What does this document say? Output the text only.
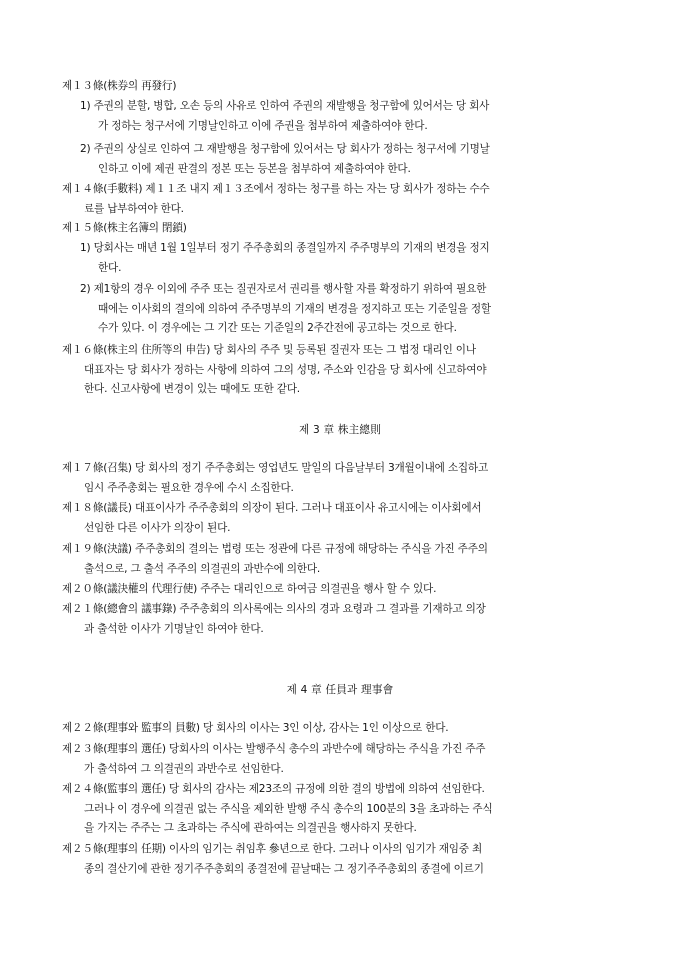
제１３條(株券의 再發行)
1) 주권의 분할, 병합, 오손 등의 사유로 인하여 주권의 재발행을 청구함에 있어서는 당 회사
가 정하는 청구서에 기명날인하고 이에 주권을 첨부하여 제출하여야 한다.
2) 주권의 상실로 인하여 그 재발행을 청구함에 있어서는 당 회사가 정하는 청구서에 기명날
인하고 이에 제권 판결의 정본 또는 등본을 첨부하여 제출하여야 한다.
제１４條(手數料) 제１１조 내지 제１３조에서 정하는 청구를 하는 자는 당 회사가 정하는 수수
료를 납부하여야 한다.
제１５條(株主名簿의 閉鎖)
1) 당회사는 매년 1월 1일부터 정기 주주총회의 종결일까지 주주명부의 기재의 변경을 정지
한다.
2) 제1항의 경우 이외에 주주 또는 질권자로서 권리를 행사할 자를 확정하기 위하여 필요한
때에는 이사회의 결의에 의하여 주주명부의 기재의 변경을 정지하고 또는 기준일을 정할
수가 있다. 이 경우에는 그 기간 또는 기준일의 2주간전에 공고하는 것으로 한다.
제１６條(株主의 住所等의 申告) 당 회사의 주주 및 등록된 질권자 또는 그 법정 대리인 이나
대표자는 당 회사가 정하는 사항에 의하여 그의 성명, 주소와 인감을 당 회사에 신고하여야
한다. 신고사항에 변경이 있는 때에도 또한 같다.
제 3 章 株主總則
제１７條(召集) 당 회사의 정기 주주총회는 영업년도 말일의 다음날부터 3개월이내에 소집하고
임시 주주총회는 필요한 경우에 수시 소집한다.
제１８條(議長) 대표이사가 주주총회의 의장이 된다. 그러나 대표이사 유고시에는 이사회에서
선임한 다른 이사가 의장이 된다.
제１９條(決議) 주주총회의 결의는 법령 또는 정관에 다른 규정에 해당하는 주식을 가진 주주의
출석으로, 그 출석 주주의 의결권의 과반수에 의한다.
제２０條(議決權의 代理行使) 주주는 대리인으로 하여금 의결권을 행사 할 수 있다.
제２１條(總會의 議事錄) 주주총회의 의사록에는 의사의 경과 요령과 그 결과를 기재하고 의장
과 출석한 이사가 기명날인 하여야 한다.
제 4 章 任員과 理事會
제２２條(理事와 監事의 員數) 당 회사의 이사는 3인 이상, 감사는 1인 이상으로 한다.
제２３條(理事의 選任) 당회사의 이사는 발행주식 총수의 과반수에 해당하는 주식을 가진 주주
가 출석하여 그 의결권의 과반수로 선임한다.
제２４條(監事의 選任) 당 회사의 감사는 제23조의 규정에 의한 결의 방법에 의하여 선임한다.
그러나 이 경우에 의결권 없는 주식을 제외한 발행 주식 총수의 100분의 3을 초과하는 주식
을 가지는 주주는 그 초과하는 주식에 관하여는 의결권을 행사하지 못한다.
제２５條(理事의 任期) 이사의 임기는 취임후 參년으로 한다. 그러나 이사의 임기가 재임중 최
종의 결산기에 관한 정기주주총회의 종결전에 끝날때는 그 정기주주총회의 종결에 이르기
